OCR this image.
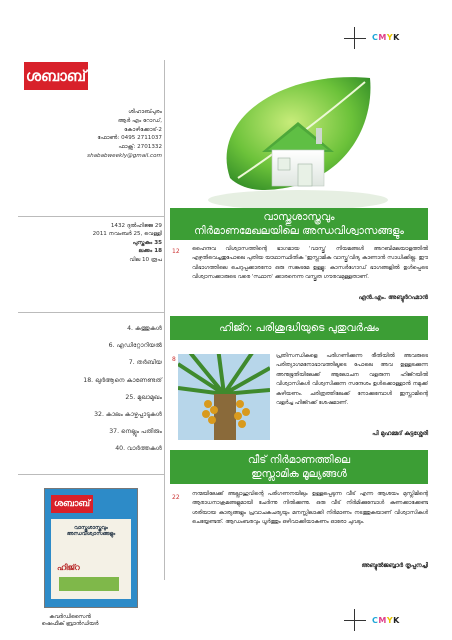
CMYK
CMYK
ശബാബ്
ശിഹാബ്പുരം
ആർ എം റോഡ്,
കോഴിക്കോട്-2
ഫോൺ: 0495 2711037
ഫാക്സ്: 2701332
shababweekly@gmail.com
1432 ദുൽഹിജ്ജ 29
2011 നവംബർ 25, വെള്ളി
പുസ്തകം 35
ലക്കം 18
വില 10 രൂപ
4. കത്തുകൾ
6. എഡിറ്റോറിയൽ
7. തർബിയ
18. ഖുർആനെ കാണേണ്ടത്
25. മുഖാമുഖം
32. കാലം കാഴ്ചപ്പാടുകൾ
37. നെല്ലും പതിരും
40. വാർത്തകൾ
ശബാബ്
വാസ്തുശാസ്ത്രവും അന്ധവിശ്വാസങ്ങളും
ഹിജ്റ
കവർഡിസൈൻ
ഷെഫീക് ബ്രാൻഡിയർ
വാസ്തുശാസ്ത്രവും
നിർമാണമേഖലയിലെ അന്ധവിശ്വാസങ്ങളും
12 ഹൈന്ദവ വിശ്വാസത്തിന്റെ ഭാഗമായ 'വാസ്തു' നിയമങ്ങൾ അറബിമലയാളത്തിൽ എഴുതിവെച്ചതുപോലെ പുതിയ യാഥാസ്ഥിതിക 'ഇസ്ലാമിക വാസ്തു'വിദ്യ കാണാൻ സാധിക്കില്ല. ഈ വിഭാഗത്തിലെ ചെറുപ്പക്കാരനോ ഒരു സങ്കടമേ ഉള്ളൂ: കാസർഗോഡ് ഭാഗങ്ങളിൽ ഉൾപ്പെടെ വിശ്വാസക്കാരുടെ വരെ 'സ്ഥാന' ക്കാരനെന്ന വസ്തുത ഗൗരവമുള്ളതാണ്.
എൻ.എം. അബ്ദുർറഹ്മാൻ
ഹിജ്റ: പരിശുദ്ധിയുടെ പുതുവർഷം
8	പ്രതിസന്ധികളെ പരിഗണിക്കുന്ന രീതിയിൽ അവരുടെ പരിത്യാഗമനോഭാവത്തിലൂടെ പോലെ അവ ഉള്ളടക്കുന്ന അനുഭൂതിയിലേക്ക് ആലോചന വളരുന്ന ഹിജ്റയിൽ വിശ്വാസികൾ വിശ്വസിക്കുന്ന സന്ദേശം ഉൾക്കൊള്ളാൻ നമുക്ക് കഴിയണം. ചരിത്രത്തിലേക്ക് നോക്കുമ്പോൾ ഇസ്ലാമിന്റെ വളർച്ച ഹിജ്റക്ക് ശേഷമാണ്.
പി മുഹമ്മദ് കുട്ടശ്ശേരി
വീട് നിർമാണത്തിലെ
ഇസ്ലാമിക മൂല്യങ്ങൾ
22 നന്മയിലേക്ക് അല്ലാഹുവിന്റെ പരിഗണനയിലും ഉള്ളപ്പെടുന്ന വീട് എന്ന ആശയം മുസ്ലിമിന്റെ ആരാധനാക്രമങ്ങളുമായി ചേർന്നു നിൽക്കുന്നു. ഒരു വീട് നിർമിക്കുമ്പോൾ കണക്കാക്കേണ്ട ശരിയായ കാര്യങ്ങളും പ്രവാചകചര്യയും മനസ്സിലാക്കി നിർമാണം നടത്തുകയാണ് വിശ്വാസികൾ ചെയ്യേണ്ടത്. ആഡംബരവും ധൂർത്തും ഒഴിവാക്കിയാകണം ഓരോ ചുവടും.
അബ്ദുൽജബ്ബാർ തൃപ്പനച്ചി
